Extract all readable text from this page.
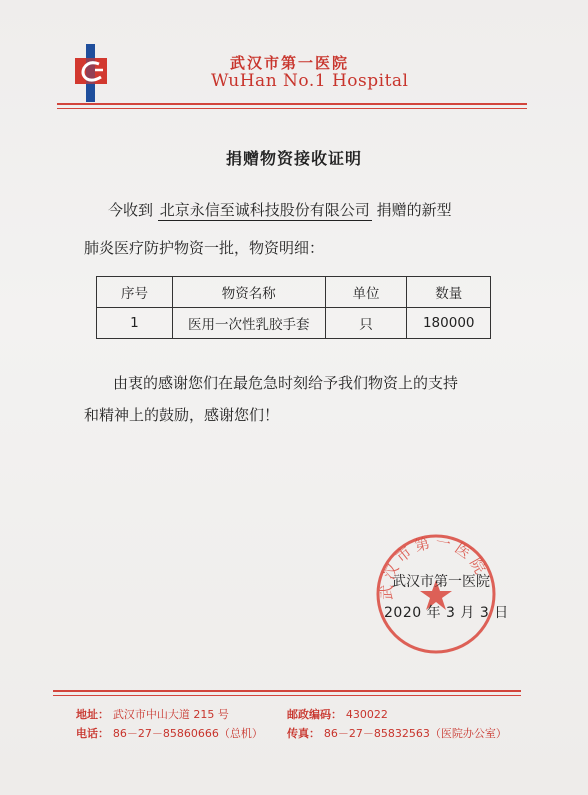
武汉市第一医院
WuHan No.1 Hospital
捐赠物资接收证明
今收到 北京永信至诚科技股份有限公司 捐赠的新型
肺炎医疗防护物资一批，物资明细：
序号	物资名称	单位	数量
1	医用一次性乳胶手套	只	180000
由衷的感谢您们在最危急时刻给予我们物资上的支持
和精神上的鼓励，感谢您们！
武汉市第一医院
武汉市第一医院
2020 年 3 月 3 日
地址： 武汉市中山大道 215 号	邮政编码： 430022
电话： 86－27－85860666（总机） 传真： 86－27－85832563（医院办公室）
